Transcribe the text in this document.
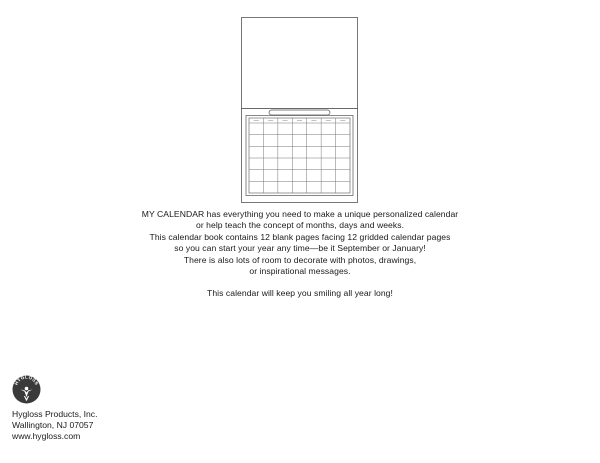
MY CALENDAR has everything you need to make a unique personalized calendar

or help teach the concept of months, days and weeks.

This calendar book contains 12 blank pages facing 12 gridded calendar pages

so you can start your year any time—be it September or January!

There is also lots of room to decorate with photos, drawings,

or inspirational messages.

This calendar will keep you smiling all year long!

HYGLOSS
Hygloss Products, Inc.
Wallington, NJ 07057
www.hygloss.com
